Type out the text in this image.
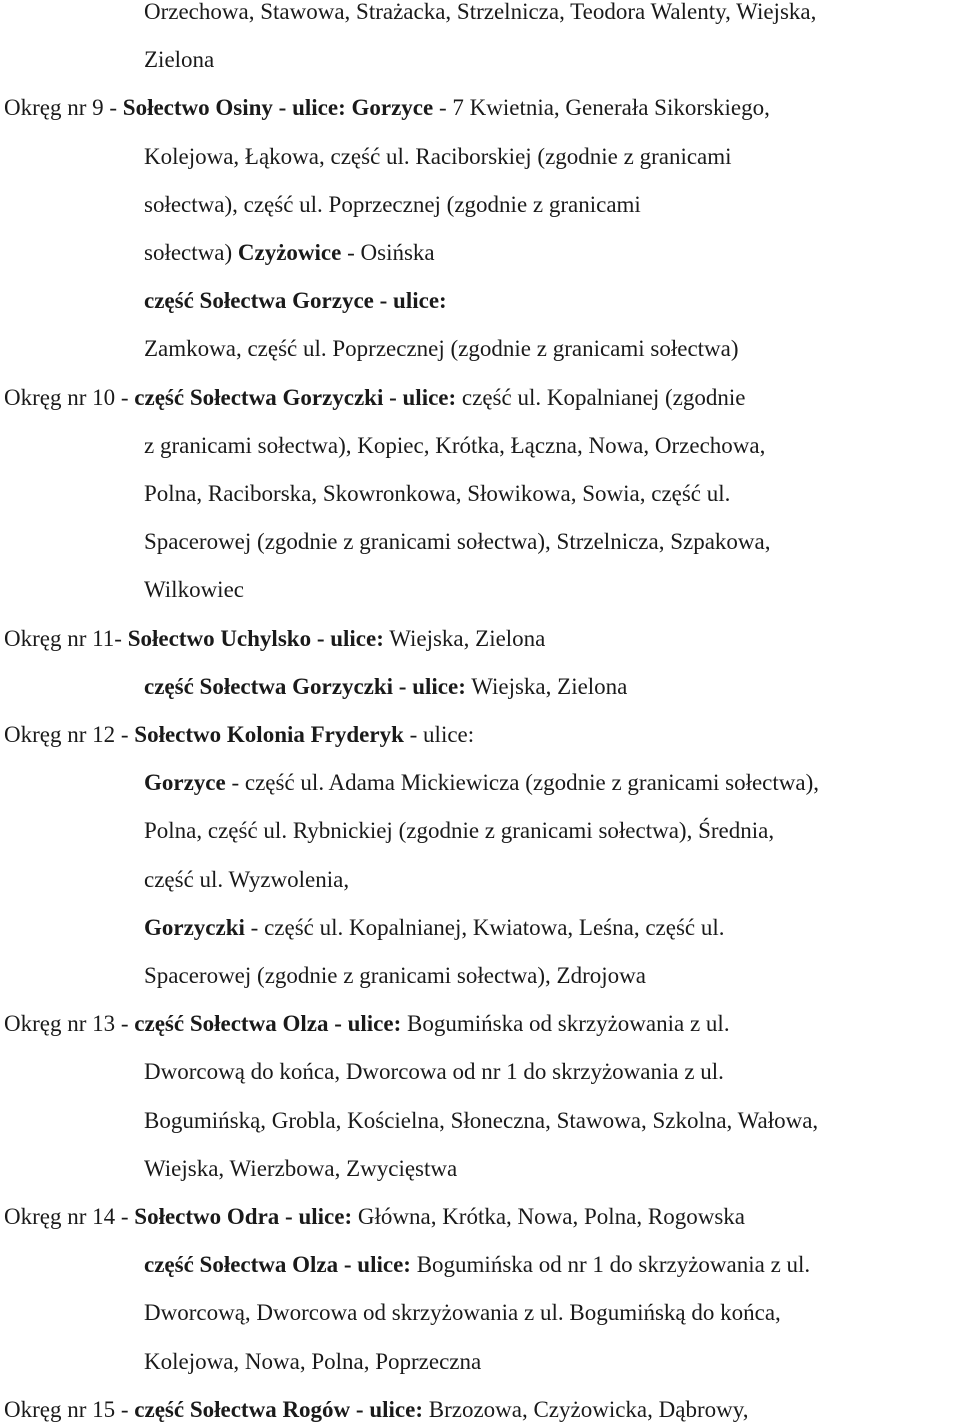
Orzechowa, Stawowa, Strażacka, Strzelnicza, Teodora Walenty, Wiejska,
Zielona
Okręg nr 9 - Sołectwo Osiny - ulice: Gorzyce - 7 Kwietnia, Generała Sikorskiego,
Kolejowa, Łąkowa, część ul. Raciborskiej (zgodnie z granicami
sołectwa), część ul. Poprzecznej (zgodnie z granicami
sołectwa) Czyżowice - Osińska
część Sołectwa Gorzyce - ulice:
Zamkowa, część ul. Poprzecznej (zgodnie z granicami sołectwa)
Okręg nr 10 - część Sołectwa Gorzyczki - ulice: część ul. Kopalnianej (zgodnie
z granicami sołectwa), Kopiec, Krótka, Łączna, Nowa, Orzechowa,
Polna, Raciborska, Skowronkowa, Słowikowa, Sowia, część ul.
Spacerowej (zgodnie z granicami sołectwa), Strzelnicza, Szpakowa,
Wilkowiec
Okręg nr 11- Sołectwo Uchylsko - ulice: Wiejska, Zielona
część Sołectwa Gorzyczki - ulice: Wiejska, Zielona
Okręg nr 12 - Sołectwo Kolonia Fryderyk - ulice:
Gorzyce - część ul. Adama Mickiewicza (zgodnie z granicami sołectwa),
Polna, część ul. Rybnickiej (zgodnie z granicami sołectwa), Średnia,
część ul. Wyzwolenia,
Gorzyczki - część ul. Kopalnianej, Kwiatowa, Leśna, część ul.
Spacerowej (zgodnie z granicami sołectwa), Zdrojowa
Okręg nr 13 - część Sołectwa Olza - ulice: Bogumińska od skrzyżowania z ul.
Dworcową do końca, Dworcowa od nr 1 do skrzyżowania z ul.
Bogumińską, Grobla, Kościelna, Słoneczna, Stawowa, Szkolna, Wałowa,
Wiejska, Wierzbowa, Zwycięstwa
Okręg nr 14 - Sołectwo Odra - ulice: Główna, Krótka, Nowa, Polna, Rogowska
część Sołectwa Olza - ulice: Bogumińska od nr 1 do skrzyżowania z ul.
Dworcową, Dworcowa od skrzyżowania z ul. Bogumińską do końca,
Kolejowa, Nowa, Polna, Poprzeczna
Okręg nr 15 - część Sołectwa Rogów - ulice: Brzozowa, Czyżowicka, Dąbrowy,
